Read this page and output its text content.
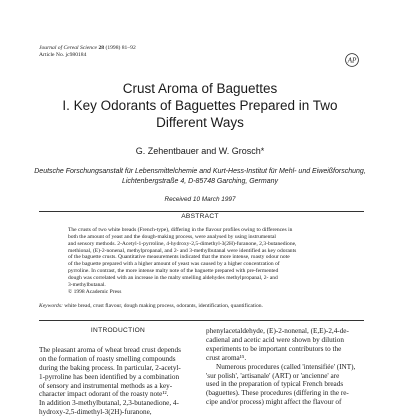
Journal of Cereal Science 28 (1998) 81–92
Article No. jc980184
AP
Crust Aroma of Baguettes
I. Key Odorants of Baguettes Prepared in Two
Different Ways
G. Zehentbauer and W. Grosch*
Deutsche Forschungsanstalt für Lebensmittelchemie and Kurt-Hess-Institut für Mehl- und Eiweißforschung,
Lichtenbergstraße 4, D-85748 Garching, Germany
Received 10 March 1997
ABSTRACT
The crusts of two white breads (French-type), differing in the flavour profiles owing to differences in
both the amount of yeast and the dough-making process, were analysed by using instrumental
and sensory methods. 2-Acetyl-1-pyrroline, 4-hydroxy-2,5-dimethyl-3(2H)-furanone, 2,3-butanedione,
methional, (E)-2-nonenal, methylpropanal, and 2- and 3-methylbutanal were identified as key odorants
of the baguette crusts. Quantitative measurements indicated that the more intense, roasty odour note
of the baguette prepared with a higher amount of yeast was caused by a higher concentration of
pyrroline. In contrast, the more intense malty note of the baguette prepared with pre-fermented
dough was correlated with an increase in the malty smelling aldehydes methylpropanal, 2- and
3-methylbutanal.
© 1998 Academic Press
Keywords: white bread, crust flavour, dough making process, odorants, identification, quantification.
INTRODUCTION
The pleasant aroma of wheat bread crust depends
on the formation of roasty smelling compounds
during the baking process. In particular, 2-acetyl-
1-pyrroline has been identified by a combination
of sensory and instrumental methods as a key-
character impact odorant of the roasty note¹².
In addition 3-methylbutanal, 2,3-butanedione, 4-
hydroxy-2,5-dimethyl-3(2H)-furanone,
phenylacetaldehyde, (E)-2-nonenal, (E,E)-2,4-de-
cadienal and acetic acid were shown by dilution
experiments to be important contributors to the
crust aroma¹⁵.
Numerous procedures (called 'intensifiée' (INT),
'sur polish', 'artisanale' (ART) or 'ancienne' are
used in the preparation of typical French breads
(baguettes). These procedures (differing in the re-
cipe and/or process) might affect the flavour of
